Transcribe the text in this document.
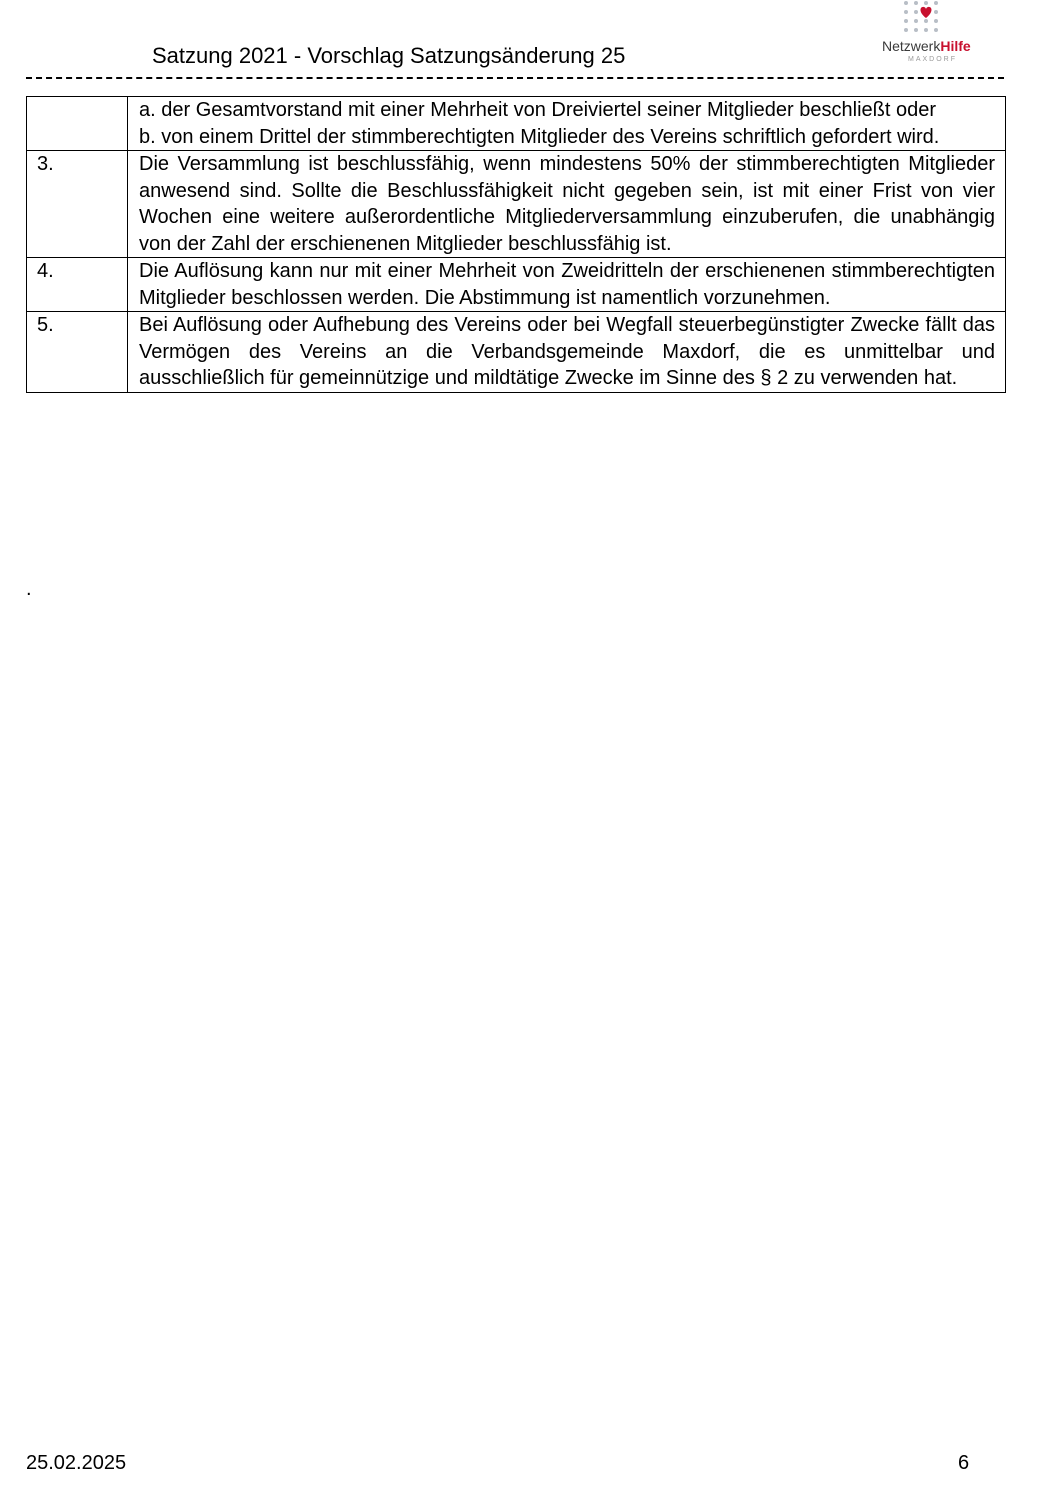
Satzung 2021 - Vorschlag Satzungsänderung 25	NetzwerkHilfe
MAXDORF

	a. der Gesamtvorstand mit einer Mehrheit von Dreiviertel seiner Mitglieder beschließt oder
b. von einem Drittel der stimmberechtigten Mitglieder des Vereins schriftlich gefordert wird.

3.	Die Versammlung ist beschlussfähig, wenn mindestens 50% der stimmberechtigten Mitglieder anwesend sind. Sollte die Beschlussfähigkeit nicht gegeben sein, ist mit einer Frist von vier Wochen eine weitere außerordentliche Mitgliederversammlung einzuberufen, die unabhängig von der Zahl der erschienenen Mitglieder beschlussfähig ist.

4.	Die Auflösung kann nur mit einer Mehrheit von Zweidritteln der erschienenen stimmberechtigten Mitglieder beschlossen werden. Die Abstimmung ist namentlich vorzunehmen.

5.	Bei Auflösung oder Aufhebung des Vereins oder bei Wegfall steuerbegünstigter Zwecke fällt das Vermögen des Vereins an die Verbandsgemeinde Maxdorf, die es unmittelbar und ausschließlich für gemeinnützige und mildtätige Zwecke im Sinne des § 2 zu verwenden hat.
.
25.02.2025	6
